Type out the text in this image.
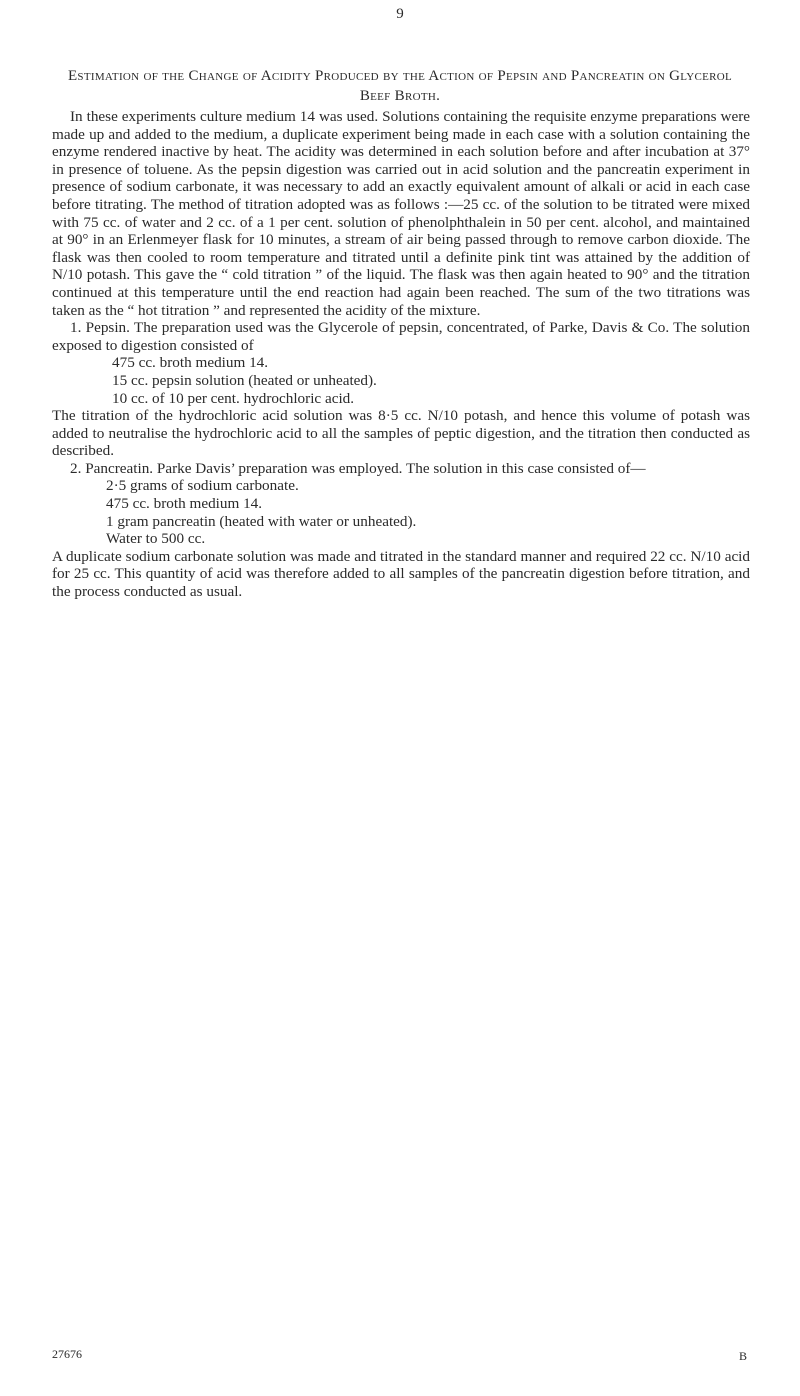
9
Estimation of the Change of Acidity Produced by the Action of Pepsin and Pancreatin on Glycerol Beef Broth.

In these experiments culture medium 14 was used. Solutions containing the requisite enzyme preparations were made up and added to the medium, a duplicate experiment being made in each case with a solution containing the enzyme rendered inactive by heat. The acidity was determined in each solution before and after incubation at 37° in presence of toluene. As the pepsin digestion was carried out in acid solution and the pancreatin experiment in presence of sodium carbonate, it was necessary to add an exactly equivalent amount of alkali or acid in each case before titrating. The method of titration adopted was as follows :—25 cc. of the solution to be titrated were mixed with 75 cc. of water and 2 cc. of a 1 per cent. solution of phenolphthalein in 50 per cent. alcohol, and maintained at 90° in an Erlenmeyer flask for 10 minutes, a stream of air being passed through to remove carbon dioxide. The flask was then cooled to room temperature and titrated until a definite pink tint was attained by the addition of N/10 potash. This gave the “ cold titration ” of the liquid. The flask was then again heated to 90° and the titration continued at this temperature until the end reaction had again been reached. The sum of the two titrations was taken as the “ hot titration ” and represented the acidity of the mixture.

1. Pepsin. The preparation used was the Glycerole of pepsin, concentrated, of Parke, Davis & Co. The solution exposed to digestion consisted of

475 cc. broth medium 14.
15 cc. pepsin solution (heated or unheated).
10 cc. of 10 per cent. hydrochloric acid.

The titration of the hydrochloric acid solution was 8·5 cc. N/10 potash, and hence this volume of potash was added to neutralise the hydrochloric acid to all the samples of peptic digestion, and the titration then conducted as described.

2. Pancreatin. Parke Davis’ preparation was employed. The solution in this case consisted of—

2·5 grams of sodium carbonate.
475 cc. broth medium 14.
1 gram pancreatin (heated with water or unheated).
Water to 500 cc.

A duplicate sodium carbonate solution was made and titrated in the standard manner and required 22 cc. N/10 acid for 25 cc. This quantity of acid was therefore added to all samples of the pancreatin digestion before titration, and the process conducted as usual.

27676	B
